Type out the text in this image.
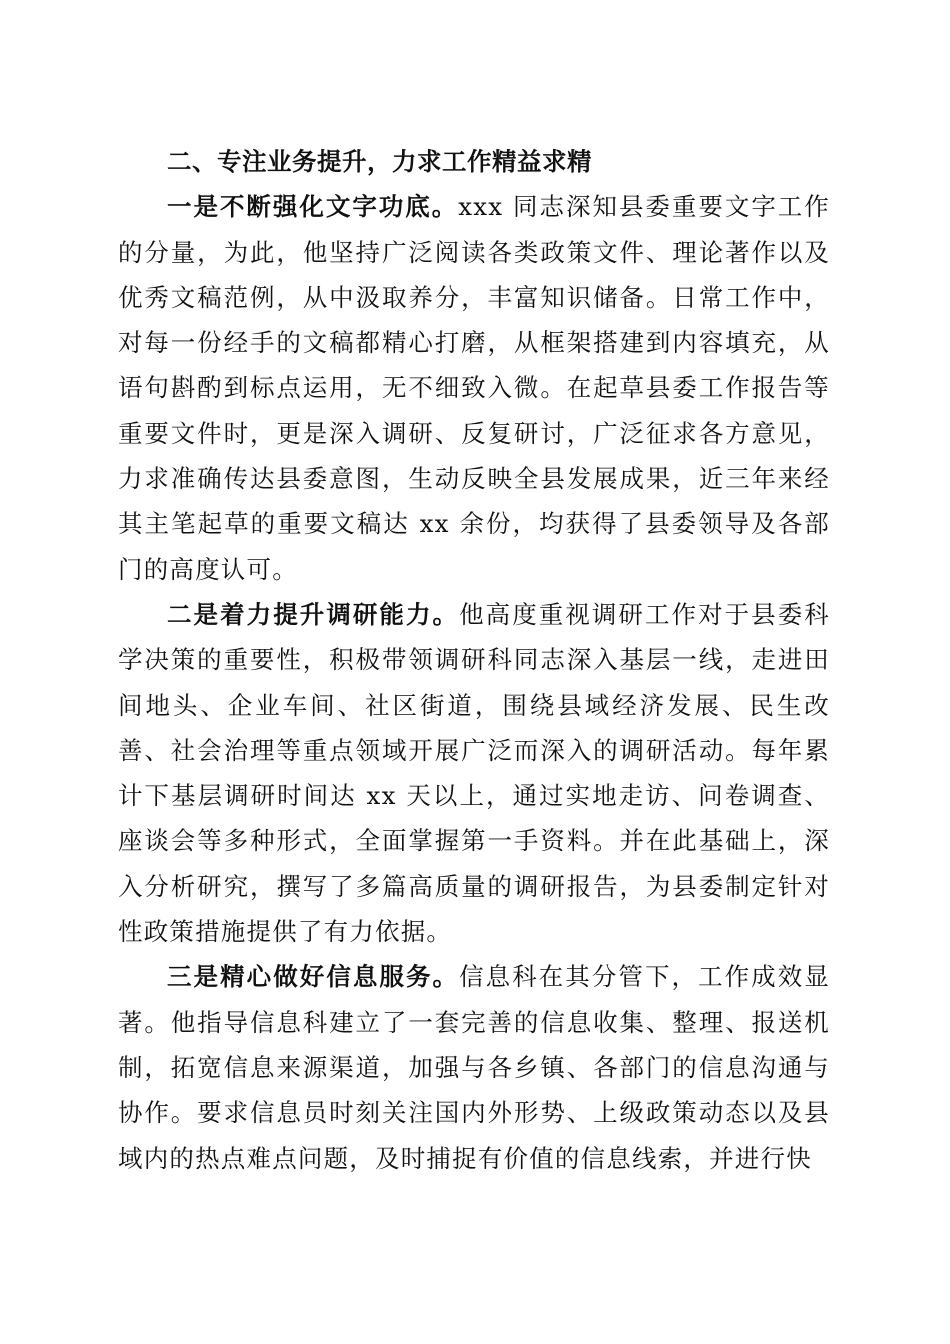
二、专注业务提升，力求工作精益求精

一是不断强化文字功底。xxx 同志深知县委重要文字工作的分量，为此，他坚持广泛阅读各类政策文件、理论著作以及优秀文稿范例，从中汲取养分，丰富知识储备。日常工作中，对每一份经手的文稿都精心打磨，从框架搭建到内容填充，从语句斟酌到标点运用，无不细致入微。在起草县委工作报告等重要文件时，更是深入调研、反复研讨，广泛征求各方意见，力求准确传达县委意图，生动反映全县发展成果，近三年来经其主笔起草的重要文稿达 xx 余份，均获得了县委领导及各部门的高度认可。

二是着力提升调研能力。他高度重视调研工作对于县委科学决策的重要性，积极带领调研科同志深入基层一线，走进田间地头、企业车间、社区街道，围绕县域经济发展、民生改善、社会治理等重点领域开展广泛而深入的调研活动。每年累计下基层调研时间达 xx 天以上，通过实地走访、问卷调查、座谈会等多种形式，全面掌握第一手资料。并在此基础上，深入分析研究，撰写了多篇高质量的调研报告，为县委制定针对性政策措施提供了有力依据。

三是精心做好信息服务。信息科在其分管下，工作成效显著。他指导信息科建立了一套完善的信息收集、整理、报送机制，拓宽信息来源渠道，加强与各乡镇、各部门的信息沟通与协作。要求信息员时刻关注国内外形势、上级政策动态以及县域内的热点难点问题，及时捕捉有价值的信息线索，并进行快
